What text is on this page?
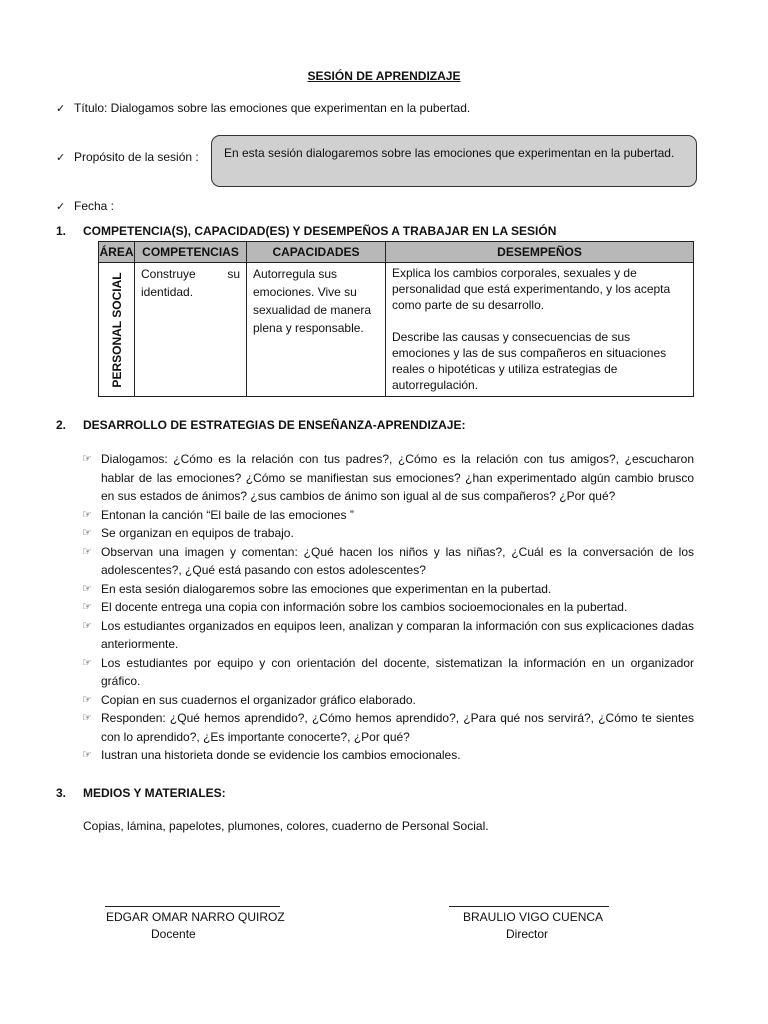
SESIÓN DE APRENDIZAJE
✓ Título: Dialogamos sobre las emociones que experimentan en la pubertad.
✓ Propósito de la sesión :	En esta sesión dialogaremos sobre las emociones que experimentan en la pubertad.
✓ Fecha :
1.	COMPETENCIA(S), CAPACIDAD(ES) Y DESEMPEÑOS A TRABAJAR EN LA SESIÓN
ÁREA	COMPETENCIAS	CAPACIDADES	DESEMPEÑOS

PERSONAL SOCIAL	Construye su identidad.	Autorregula sus emociones. Vive su sexualidad de manera plena y responsable.	Explica los cambios corporales, sexuales y de personalidad que está experimentando, y los acepta como parte de su desarrollo.

Describe las causas y consecuencias de sus emociones y las de sus compañeros en situaciones reales o hipotéticas y utiliza estrategias de autorregulación.

2.	DESARROLLO DE ESTRATEGIAS DE ENSEÑANZA-APRENDIZAJE:
☞ Dialogamos: ¿Cómo es la relación con tus padres?, ¿Cómo es la relación con tus amigos?, ¿escucharon hablar de las emociones? ¿Cómo se manifiestan sus emociones? ¿han experimentado algún cambio brusco en sus estados de ánimos? ¿sus cambios de ánimo son igual al de sus compañeros? ¿Por qué?
☞ Entonan la canción “El baile de las emociones ”
☞ Se organizan en equipos de trabajo.
☞ Observan una imagen y comentan: ¿Qué hacen los niños y las niñas?, ¿Cuál es la conversación de los adolescentes?, ¿Qué está pasando con estos adolescentes?
☞ En esta sesión dialogaremos sobre las emociones que experimentan en la pubertad.
☞ El docente entrega una copia con información sobre los cambios socioemocionales en la pubertad.
☞ Los estudiantes organizados en equipos leen, analizan y comparan la información con sus explicaciones dadas anteriormente.
☞ Los estudiantes por equipo y con orientación del docente, sistematizan la información en un organizador gráfico.
☞ Copian en sus cuadernos el organizador gráfico elaborado.
☞ Responden: ¿Qué hemos aprendido?, ¿Cómo hemos aprendido?, ¿Para qué nos servirá?, ¿Cómo te sientes con lo aprendido?, ¿Es importante conocerte?, ¿Por qué?
☞ Iustran una historieta donde se evidencie los cambios emocionales.
3.	MEDIOS Y MATERIALES:
Copias, lámina, papelotes, plumones, colores, cuaderno de Personal Social.
EDGAR OMAR NARRO QUIROZ
Docente
BRAULIO VIGO CUENCA
Director
